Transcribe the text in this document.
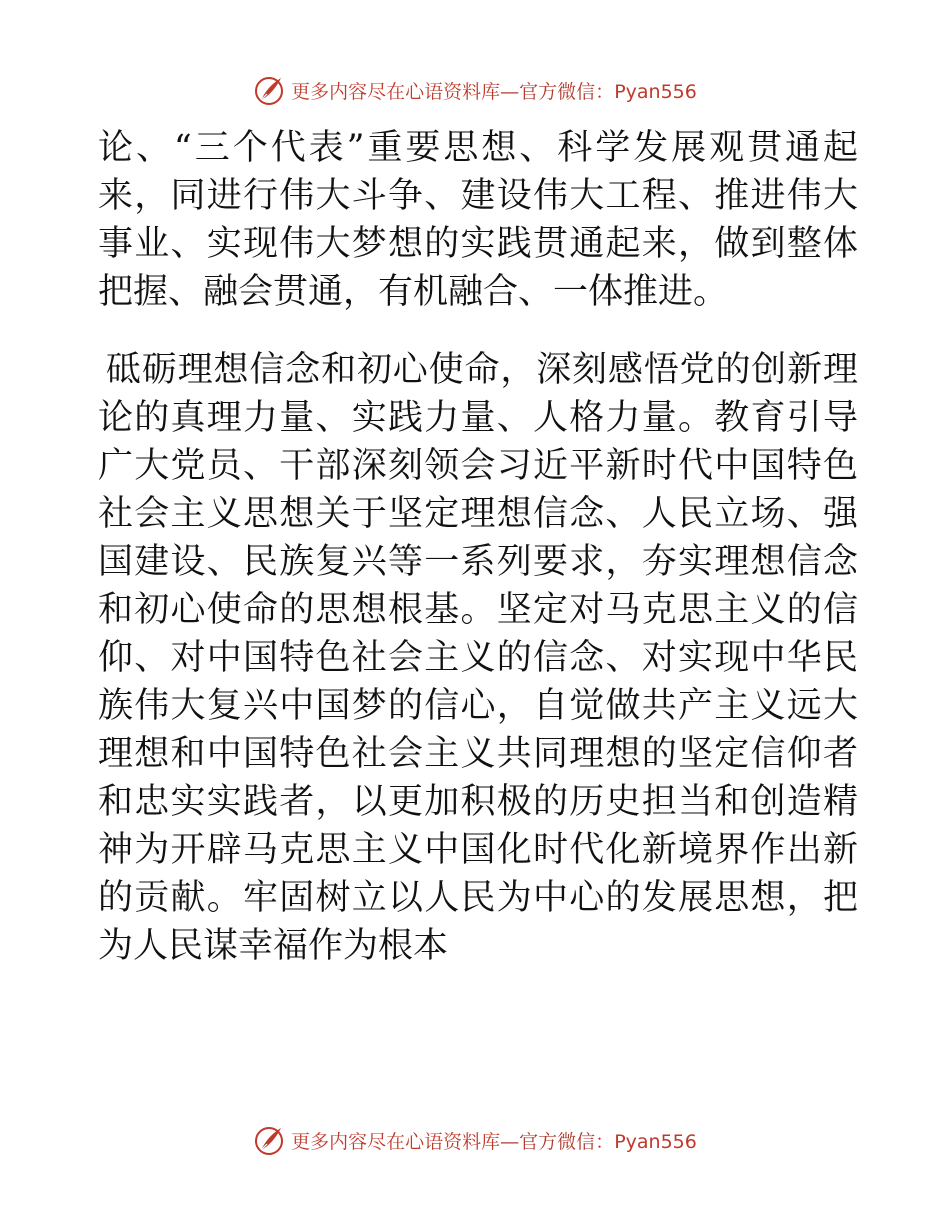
更多内容尽在心语资料库—官方微信：Pyan556

论、“三个代表”重要思想、科学发展观贯通起来，同进行伟大斗争、建设伟大工程、推进伟大事业、实现伟大梦想的实践贯通起来，做到整体把握、融会贯通，有机融合、一体推进。

砥砺理想信念和初心使命，深刻感悟党的创新理论的真理力量、实践力量、人格力量。教育引导广大党员、干部深刻领会习近平新时代中国特色社会主义思想关于坚定理想信念、人民立场、强国建设、民族复兴等一系列要求，夯实理想信念和初心使命的思想根基。坚定对马克思主义的信仰、对中国特色社会主义的信念、对实现中华民族伟大复兴中国梦的信心，自觉做共产主义远大理想和中国特色社会主义共同理想的坚定信仰者和忠实实践者，以更加积极的历史担当和创造精神为开辟马克思主义中国化时代化新境界作出新的贡献。牢固树立以人民为中心的发展思想，把为人民谋幸福作为根本

更多内容尽在心语资料库—官方微信：Pyan556
